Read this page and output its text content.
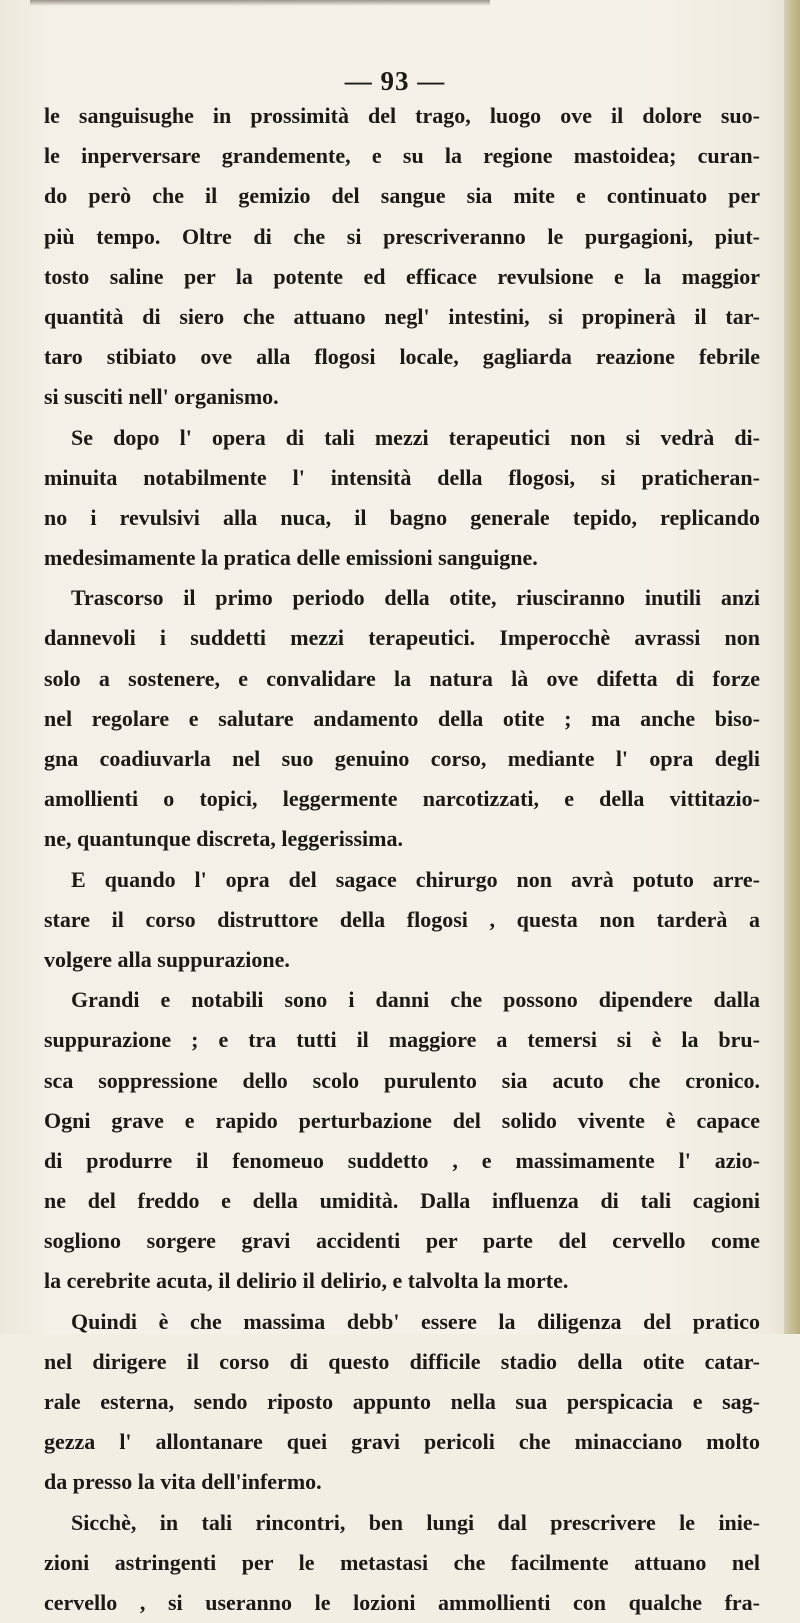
— 93 —
le sanguisughe in prossimità del trago, luogo ove il dolore suo-
le inperversare grandemente, e su la regione mastoidea; curan-
do però che il gemizio del sangue sia mite e continuato per
più tempo. Oltre di che si prescriveranno le purgagioni, piut-
tosto saline per la potente ed efficace revulsione e la maggior
quantità di siero che attuano negl' intestini, si propinerà il tar-
taro stibiato ove alla flogosi locale, gagliarda reazione febrile
si susciti nell' organismo.
Se dopo l' opera di tali mezzi terapeutici non si vedrà di-
minuita notabilmente l' intensità della flogosi, si praticheran-
no i revulsivi alla nuca, il bagno generale tepido, replicando
medesimamente la pratica delle emissioni sanguigne.
Trascorso il primo periodo della otite, riusciranno inutili anzi
dannevoli i suddetti mezzi terapeutici. Imperocchè avrassi non
solo a sostenere, e convalidare la natura là ove difetta di forze
nel regolare e salutare andamento della otite ; ma anche biso-
gna coadiuvarla nel suo genuino corso, mediante l' opra degli
amollienti o topici, leggermente narcotizzati, e della vittitazio-
ne, quantunque discreta, leggerissima.
E quando l' opra del sagace chirurgo non avrà potuto arre-
stare il corso distruttore della flogosi , questa non tarderà a
volgere alla suppurazione.
Grandi e notabili sono i danni che possono dipendere dalla
suppurazione ; e tra tutti il maggiore a temersi si è la bru-
sca soppressione dello scolo purulento sia acuto che cronico.
Ogni grave e rapido perturbazione del solido vivente è capace
di produrre il fenomeuo suddetto , e massimamente l' azio-
ne del freddo e della umidità. Dalla influenza di tali cagioni
sogliono sorgere gravi accidenti per parte del cervello come
la cerebrite acuta, il delirio il delirio, e talvolta la morte.
Quindi è che massima debb' essere la diligenza del pratico
nel dirigere il corso di questo difficile stadio della otite catar-
rale esterna, sendo riposto appunto nella sua perspicacia e sag-
gezza l' allontanare quei gravi pericoli che minacciano molto
da presso la vita dell'infermo.
Sicchè, in tali rincontri, ben lungi dal prescrivere le inie-
zioni astringenti per le metastasi che facilmente attuano nel
cervello , si useranno le lozioni ammollienti con qualche fra-
